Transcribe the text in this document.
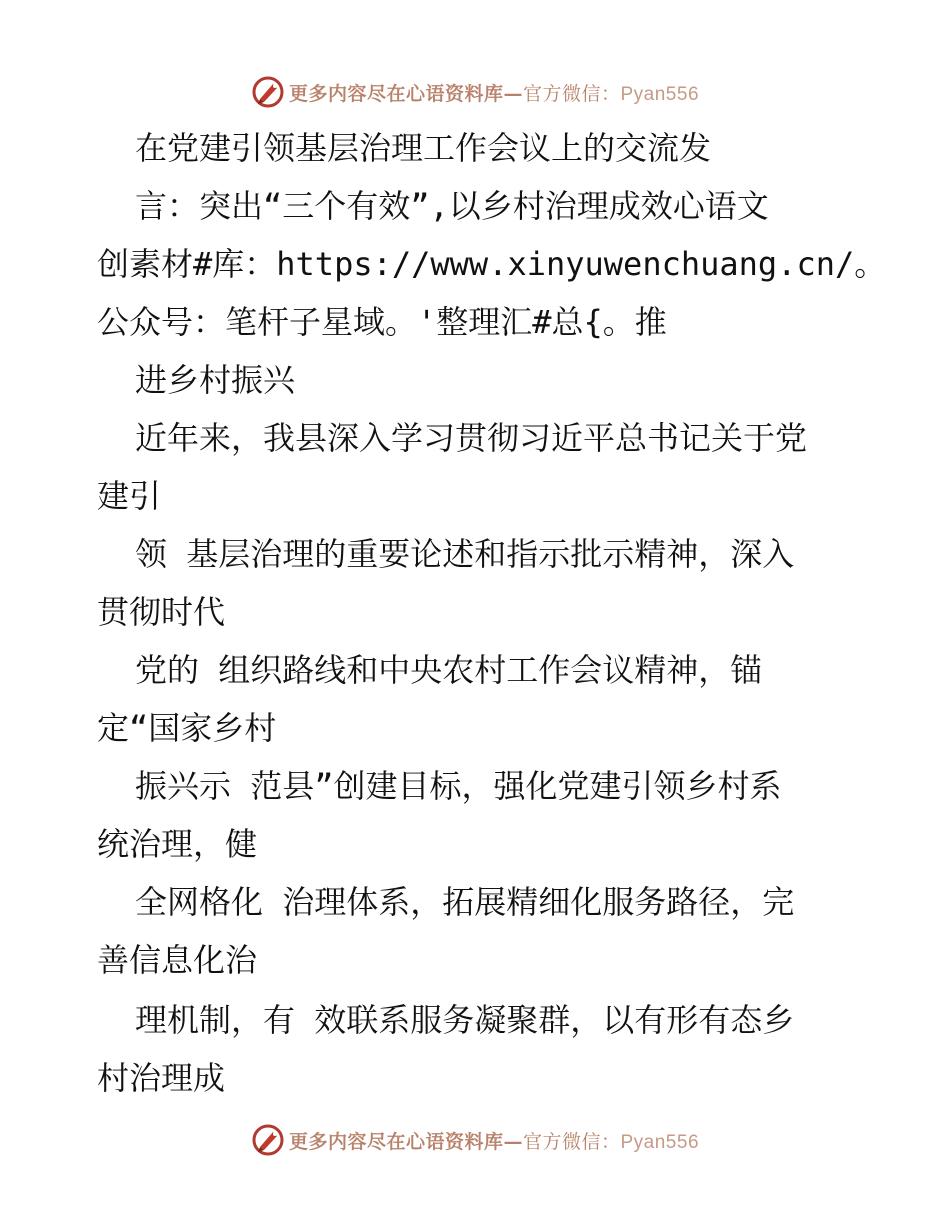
更多内容尽在心语资料库—官方微信：Pyan556
在党建引领基层治理工作会议上的交流发
言：突出“三个有效”,以乡村治理成效心语文
创素材#库：https://www.xinyuwenchuang.cn/。
公众号：笔杆子星域。'整理汇#总{。推
进乡村振兴
近年来，我县深入学习贯彻习近平总书记关于党
建引
领 基层治理的重要论述和指示批示精神，深入
贯彻时代
党的 组织路线和中央农村工作会议精神，锚
定“国家乡村
振兴示 范县”创建目标，强化党建引领乡村系
统治理，健
全网格化 治理体系，拓展精细化服务路径，完
善信息化治
理机制，有 效联系服务凝聚群，以有形有态乡
村治理成
更多内容尽在心语资料库—官方微信：Pyan556
